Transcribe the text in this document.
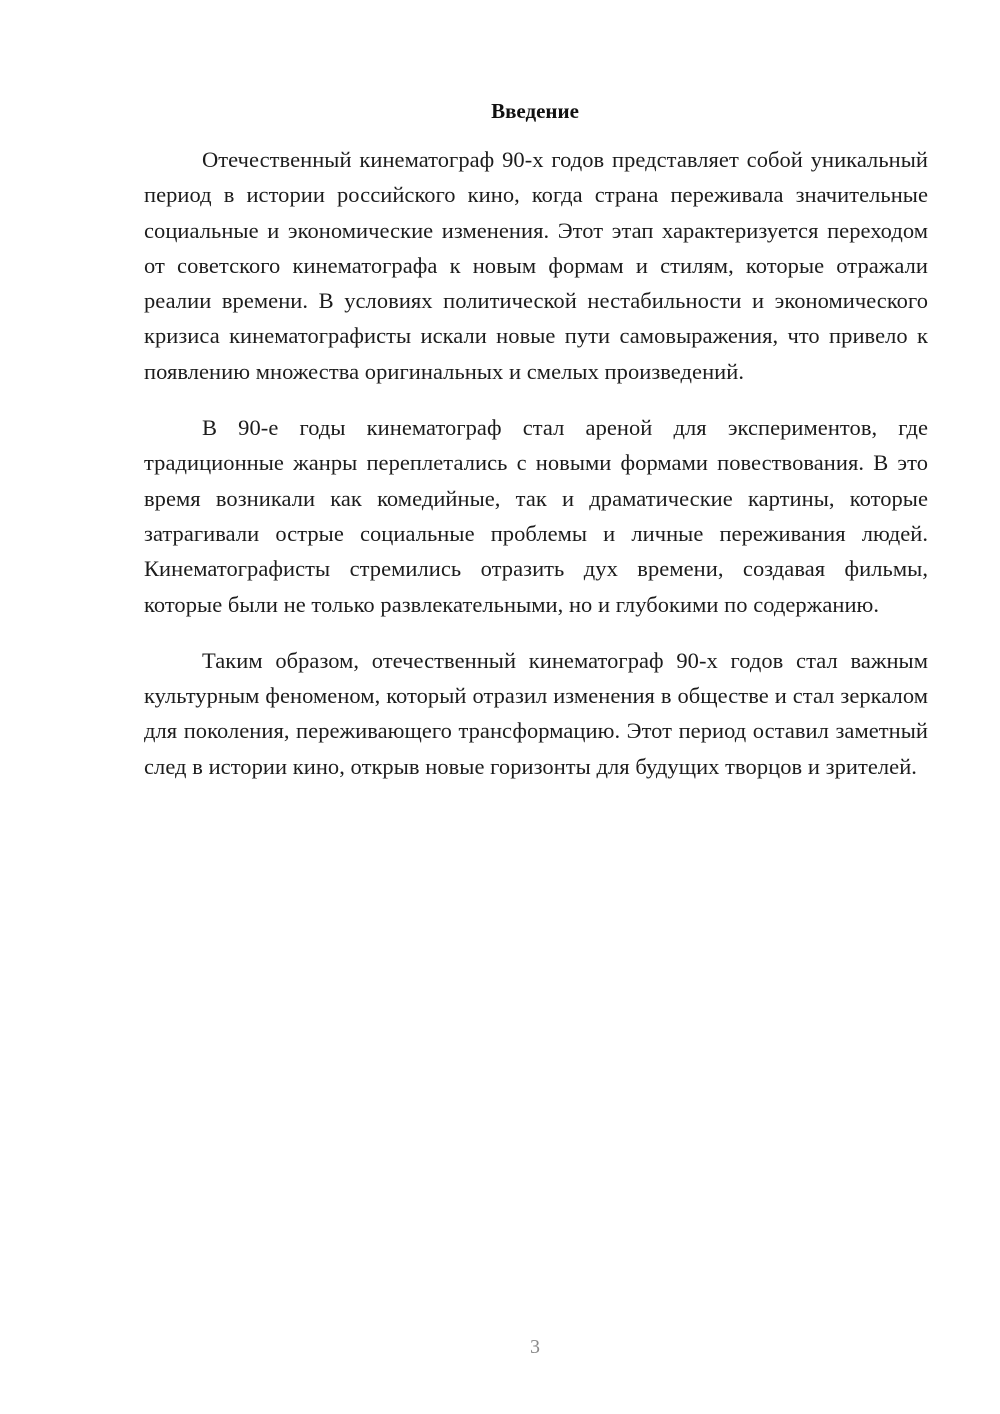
Введение

Отечественный кинематограф 90-х годов представляет собой уникальный период в истории российского кино, когда страна переживала значительные социальные и экономические изменения. Этот этап характеризуется переходом от советского кинематографа к новым формам и стилям, которые отражали реалии времени. В условиях политической нестабильности и экономического кризиса кинематографисты искали новые пути самовыражения, что привело к появлению множества оригинальных и смелых произведений.

В 90-е годы кинематограф стал ареной для экспериментов, где традиционные жанры переплетались с новыми формами повествования. В это время возникали как комедийные, так и драматические картины, которые затрагивали острые социальные проблемы и личные переживания людей. Кинематографисты стремились отразить дух времени, создавая фильмы, которые были не только развлекательными, но и глубокими по содержанию.

Таким образом, отечественный кинематограф 90-х годов стал важным культурным феноменом, который отразил изменения в обществе и стал зеркалом для поколения, переживающего трансформацию. Этот период оставил заметный след в истории кино, открыв новые горизонты для будущих творцов и зрителей.

3
